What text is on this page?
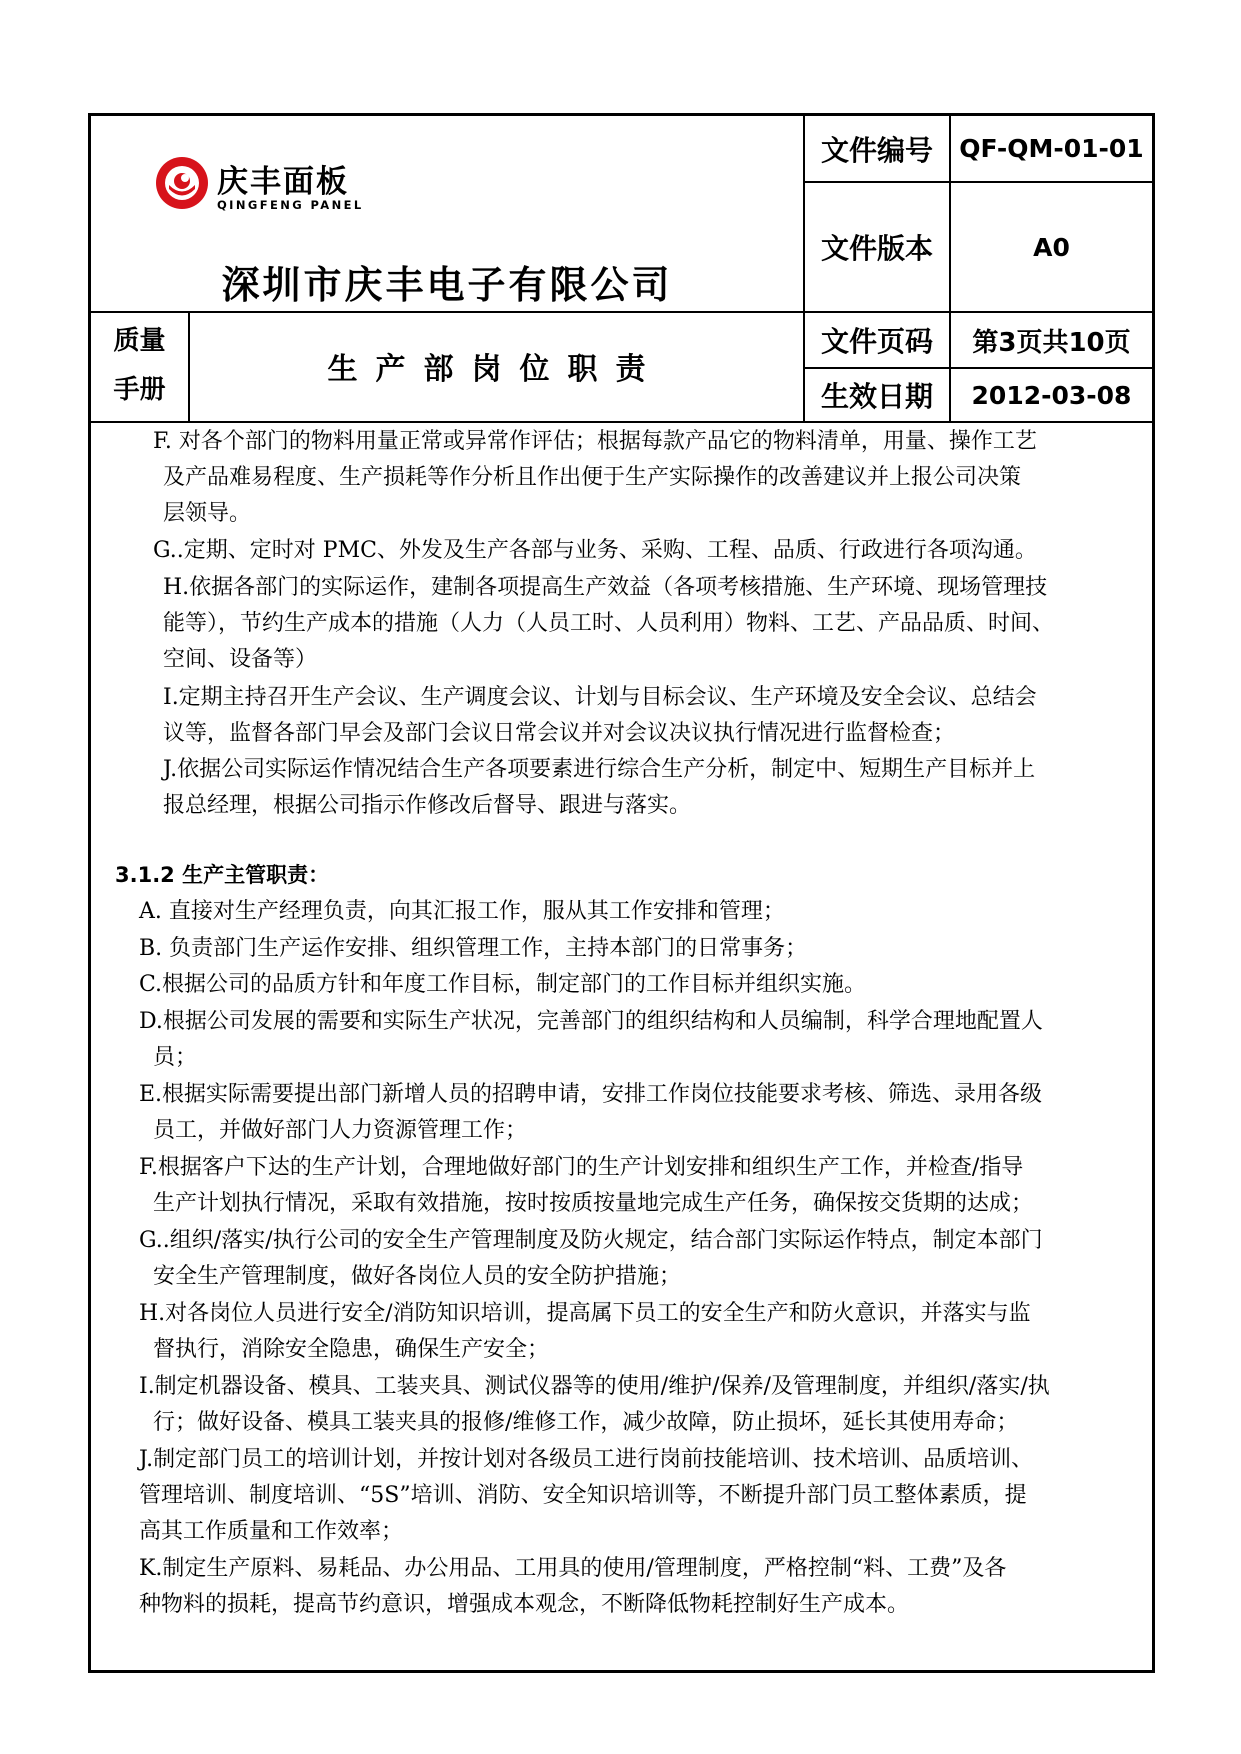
庆丰面板
QINGFENG PANEL
深圳市庆丰电子有限公司
文件编号	QF-QM-01-01
文件版本	A0
文件页码	第3页共10页
生效日期	2012-03-08
质量
手册
生产部岗位职责
F. 对各个部门的物料用量正常或异常作评估；根据每款产品它的物料清单，用量、操作工艺
及产品难易程度、生产损耗等作分析且作出便于生产实际操作的改善建议并上报公司决策
层领导。
G..定期、定时对 PMC、外发及生产各部与业务、采购、工程、品质、行政进行各项沟通。
H.依据各部门的实际运作，建制各项提高生产效益（各项考核措施、生产环境、现场管理技
能等），节约生产成本的措施（人力（人员工时、人员利用）物料、工艺、产品品质、时间、
空间、设备等）
I.定期主持召开生产会议、生产调度会议、计划与目标会议、生产环境及安全会议、总结会
议等，监督各部门早会及部门会议日常会议并对会议决议执行情况进行监督检查；
J.依据公司实际运作情况结合生产各项要素进行综合生产分析，制定中、短期生产目标并上
报总经理，根据公司指示作修改后督导、跟进与落实。
3.1.2 生产主管职责：
A. 直接对生产经理负责，向其汇报工作，服从其工作安排和管理；
B. 负责部门生产运作安排、组织管理工作，主持本部门的日常事务；
C.根据公司的品质方针和年度工作目标，制定部门的工作目标并组织实施。
D.根据公司发展的需要和实际生产状况，完善部门的组织结构和人员编制，科学合理地配置人
员；
E.根据实际需要提出部门新增人员的招聘申请，安排工作岗位技能要求考核、筛选、录用各级
员工，并做好部门人力资源管理工作；
F.根据客户下达的生产计划，合理地做好部门的生产计划安排和组织生产工作，并检查/指导
生产计划执行情况，采取有效措施，按时按质按量地完成生产任务，确保按交货期的达成；
G..组织/落实/执行公司的安全生产管理制度及防火规定，结合部门实际运作特点，制定本部门
安全生产管理制度，做好各岗位人员的安全防护措施；
H.对各岗位人员进行安全/消防知识培训，提高属下员工的安全生产和防火意识，并落实与监
督执行，消除安全隐患，确保生产安全；
I.制定机器设备、模具、工装夹具、测试仪器等的使用/维护/保养/及管理制度，并组织/落实/执
行；做好设备、模具工装夹具的报修/维修工作，减少故障，防止损坏，延长其使用寿命；
J.制定部门员工的培训计划，并按计划对各级员工进行岗前技能培训、技术培训、品质培训、
管理培训、制度培训、“5S”培训、消防、安全知识培训等，不断提升部门员工整体素质，提
高其工作质量和工作效率；
K.制定生产原料、易耗品、办公用品、工用具的使用/管理制度，严格控制“料、工费”及各
种物料的损耗，提高节约意识，增强成本观念，不断降低物耗控制好生产成本。
